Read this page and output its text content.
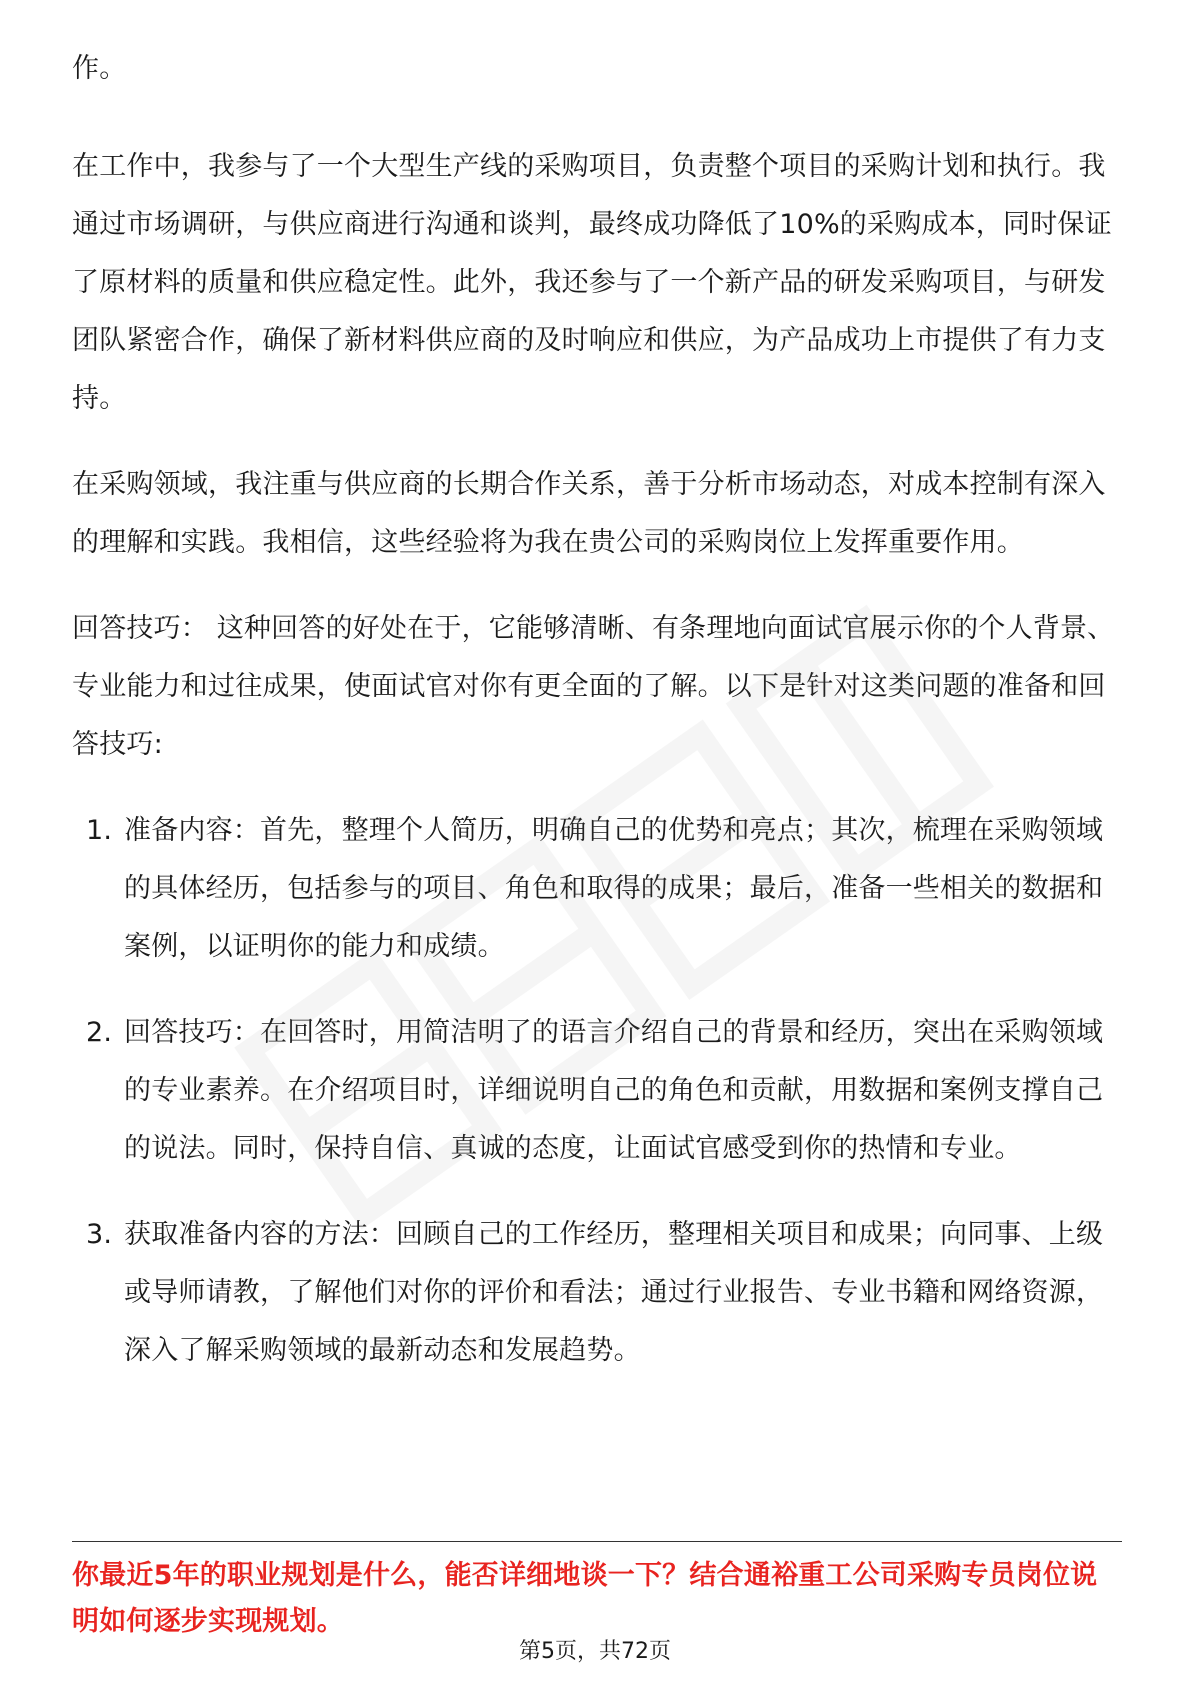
作。

在工作中，我参与了一个大型生产线的采购项目，负责整个项目的采购计划和执行。我通过市场调研，与供应商进行沟通和谈判，最终成功降低了10%的采购成本，同时保证了原材料的质量和供应稳定性。此外，我还参与了一个新产品的研发采购项目，与研发团队紧密合作，确保了新材料供应商的及时响应和供应，为产品成功上市提供了有力支持。

在采购领域，我注重与供应商的长期合作关系，善于分析市场动态，对成本控制有深入的理解和实践。我相信，这些经验将为我在贵公司的采购岗位上发挥重要作用。

回答技巧： 这种回答的好处在于，它能够清晰、有条理地向面试官展示你的个人背景、专业能力和过往成果，使面试官对你有更全面的了解。以下是针对这类问题的准备和回答技巧:

1. 准备内容：首先，整理个人简历，明确自己的优势和亮点；其次，梳理在采购领域的具体经历，包括参与的项目、角色和取得的成果；最后，准备一些相关的数据和案例，以证明你的能力和成绩。
2. 回答技巧：在回答时，用简洁明了的语言介绍自己的背景和经历，突出在采购领域的专业素养。在介绍项目时，详细说明自己的角色和贡献，用数据和案例支撑自己的说法。同时，保持自信、真诚的态度，让面试官感受到你的热情和专业。
3. 获取准备内容的方法：回顾自己的工作经历，整理相关项目和成果；向同事、上级或导师请教，了解他们对你的评价和看法；通过行业报告、专业书籍和网络资源，深入了解采购领域的最新动态和发展趋势。
你最近5年的职业规划是什么，能否详细地谈一下？结合通裕重工公司采购专员岗位说明如何逐步实现规划。
第5页，共72页
